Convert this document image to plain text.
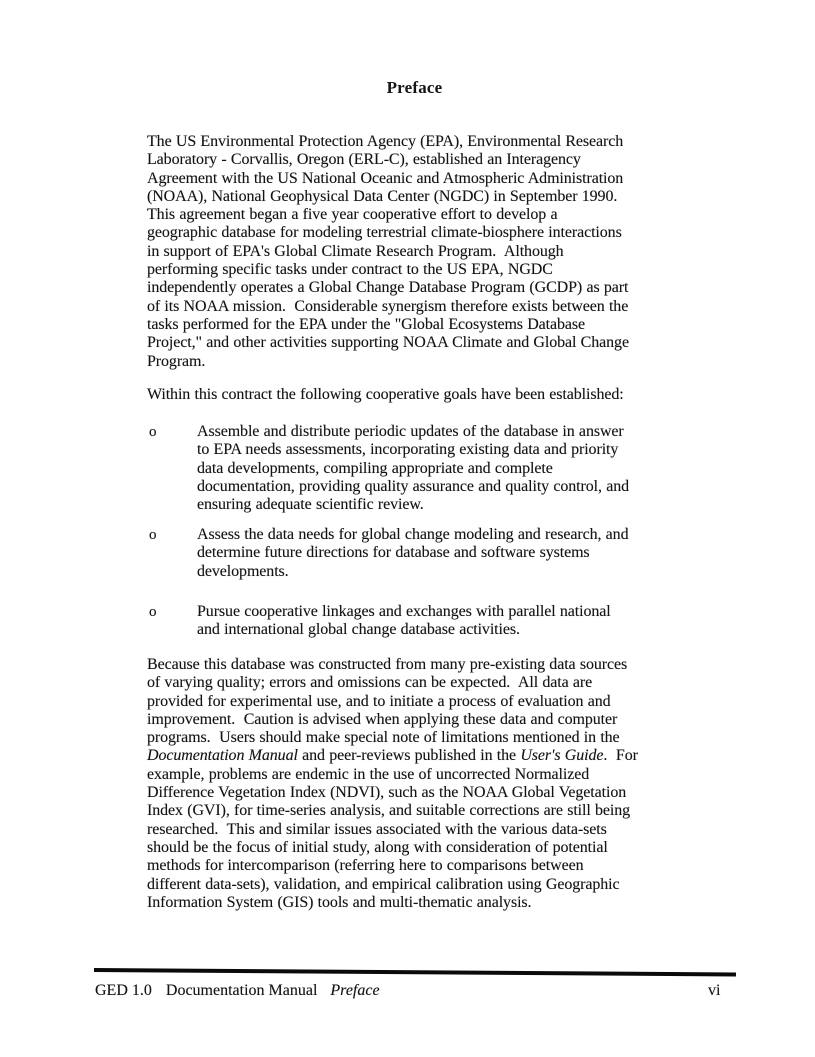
Preface
The US Environmental Protection Agency (EPA), Environmental Research
Laboratory - Corvallis, Oregon (ERL-C), established an Interagency
Agreement with the US National Oceanic and Atmospheric Administration
(NOAA), National Geophysical Data Center (NGDC) in September 1990.
This agreement began a five year cooperative effort to develop a
geographic database for modeling terrestrial climate-biosphere interactions
in support of EPA's Global Climate Research Program.  Although
performing specific tasks under contract to the US EPA, NGDC
independently operates a Global Change Database Program (GCDP) as part
of its NOAA mission.  Considerable synergism therefore exists between the
tasks performed for the EPA under the "Global Ecosystems Database
Project," and other activities supporting NOAA Climate and Global Change
Program.
Within this contract the following cooperative goals have been established:
o	Assemble and distribute periodic updates of the database in answer
to EPA needs assessments, incorporating existing data and priority
data developments, compiling appropriate and complete
documentation, providing quality assurance and quality control, and
ensuring adequate scientific review.
o	Assess the data needs for global change modeling and research, and
determine future directions for database and software systems
developments.
o	Pursue cooperative linkages and exchanges with parallel national
and international global change database activities.
Because this database was constructed from many pre-existing data sources
of varying quality; errors and omissions can be expected.  All data are
provided for experimental use, and to initiate a process of evaluation and
improvement.  Caution is advised when applying these data and computer
programs.  Users should make special note of limitations mentioned in the
Documentation Manual and peer-reviews published in the User's Guide.  For
example, problems are endemic in the use of uncorrected Normalized
Difference Vegetation Index (NDVI), such as the NOAA Global Vegetation
Index (GVI), for time-series analysis, and suitable corrections are still being
researched.  This and similar issues associated with the various data-sets
should be the focus of initial study, along with consideration of potential
methods for intercomparison (referring here to comparisons between
different data-sets), validation, and empirical calibration using Geographic
Information System (GIS) tools and multi-thematic analysis.
GED 1.0 Documentation Manual Preface	vi
